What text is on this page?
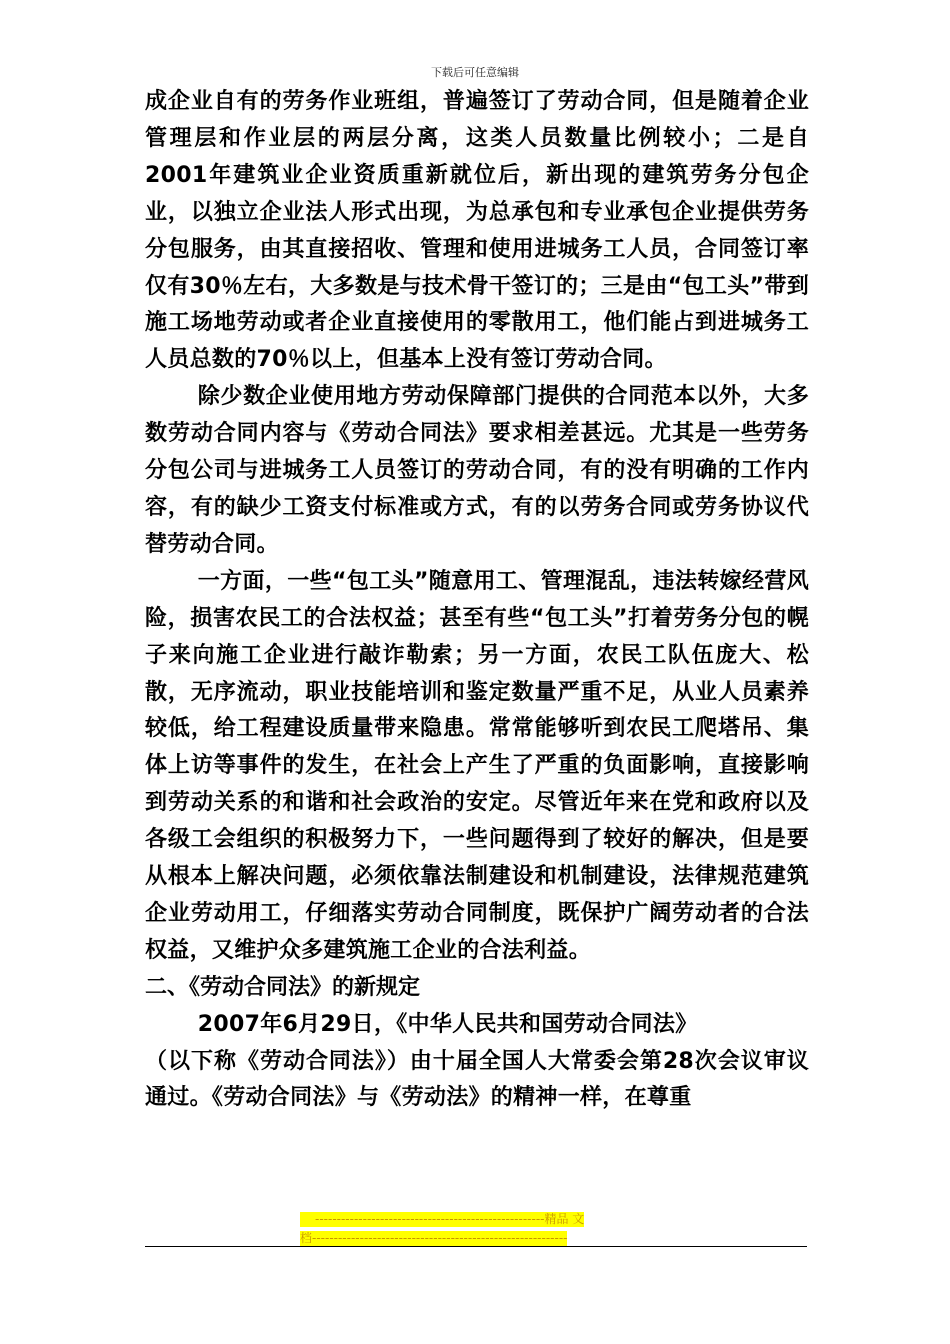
下载后可任意编辑

成企业自有的劳务作业班组，普遍签订了劳动合同，但是随着企业管理层和作业层的两层分离，这类人员数量比例较小；二是自2001年建筑业企业资质重新就位后，新出现的建筑劳务分包企业，以独立企业法人形式出现，为总承包和专业承包企业提供劳务分包服务，由其直接招收、管理和使用进城务工人员，合同签订率仅有30％左右，大多数是与技术骨干签订的；三是由“包工头”带到施工场地劳动或者企业直接使用的零散用工，他们能占到进城务工人员总数的70％以上，但基本上没有签订劳动合同。

除少数企业使用地方劳动保障部门提供的合同范本以外，大多数劳动合同内容与《劳动合同法》要求相差甚远。尤其是一些劳务分包公司与进城务工人员签订的劳动合同，有的没有明确的工作内容，有的缺少工资支付标准或方式，有的以劳务合同或劳务协议代替劳动合同。

一方面，一些“包工头”随意用工、管理混乱，违法转嫁经营风险，损害农民工的合法权益；甚至有些“包工头”打着劳务分包的幌子来向施工企业进行敲诈勒索；另一方面，农民工队伍庞大、松散，无序流动，职业技能培训和鉴定数量严重不足，从业人员素养较低，给工程建设质量带来隐患。常常能够听到农民工爬塔吊、集体上访等事件的发生，在社会上产生了严重的负面影响，直接影响到劳动关系的和谐和社会政治的安定。尽管近年来在党和政府以及各级工会组织的积极努力下，一些问题得到了较好的解决，但是要从根本上解决问题，必须依靠法制建设和机制建设，法律规范建筑企业劳动用工，仔细落实劳动合同制度，既保护广阔劳动者的合法权益，又维护众多建筑施工企业的合法利益。

二、《劳动合同法》的新规定

2007年6月29日，《中华人民共和国劳动合同法》

（以下称《劳动合同法》）由十届全国人大常委会第28次会议审议通过。《劳动合同法》与《劳动法》的精神一样，在尊重

-----------------------------------------------------精品 文 档-----------------------------------------------------------
